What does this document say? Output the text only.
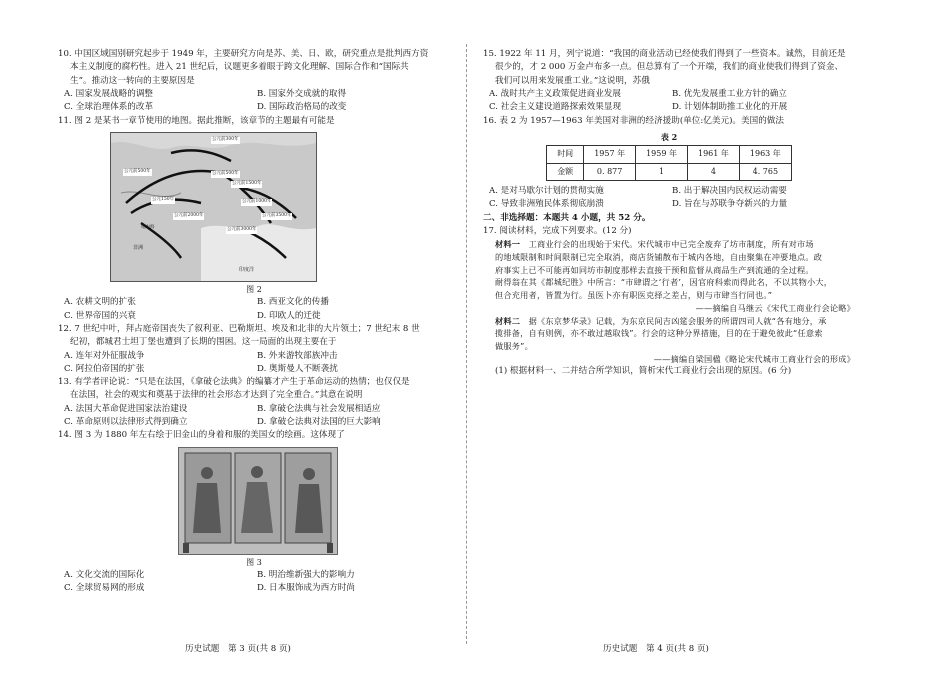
10. 中国区域国别研究起步于 1949 年，主要研究方向是苏、美、日、欧，研究重点是批判西方资

本主义制度的腐朽性。进入 21 世纪后，议题更多着眼于跨文化理解、国际合作和“国际共

生”。推动这一转向的主要原因是

A. 国家发展战略的调整	B. 国家外交成就的取得
C. 全球治理体系的改革	D. 国际政治格局的改变

11. 图 2 是某书一章节使用的地图。据此推断，该章节的主题最有可能是

公元前300年
公元前500年	公元前500年
公元前1500年
公元150年	公元前1000年
公元前2000年
公元前3000年
印度洋
非洲
地中海
公元前3500年

图 2

A. 农耕文明的扩张	B. 西亚文化的传播
C. 世界帝国的兴衰	D. 印欧人的迁徙

12. 7 世纪中叶，拜占庭帝国丧失了叙利亚、巴勒斯坦、埃及和北非的大片领土；7 世纪末 8 世

纪初，都城君士坦丁堡也遭到了长期的围困。这一局面的出现主要在于

A. 连年对外征服战争	B. 外来游牧部族冲击
C. 阿拉伯帝国的扩张	D. 奥斯曼人不断袭扰

13. 有学者评论说：“只是在法国，《拿破仑法典》的编纂才产生于革命运动的热情；也仅仅是

在法国，社会的观实和奠基于法律的社会形态才达到了完全重合。”其意在说明

A. 法国大革命促进国家法治建设	B. 拿破仑法典与社会发展相适应
C. 革命原则以法律形式得到确立	D. 拿破仑法典对法国的巨大影响

14. 图 3 为 1880 年左右绘于旧金山的身着和服的美国女的绘画。这体现了

图 3

A. 文化交流的国际化	B. 明治维新强大的影响力
C. 全球贸易网的形成	D. 日本服饰成为西方时尚

15. 1922 年 11 月，列宁说道：“我国的商业活动已经使我们得到了一些资本。诚然，目前还是

很少的，才 2 000 万金卢布多一点。但总算有了一个开端，我们的商业使我们得到了资金、

我们可以用来发展重工业。”这说明，苏俄

A. 战时共产主义政策促进商业发展	B. 优先发展重工业方针的确立
C. 社会主义建设道路探索效果显现	D. 计划体制助推工业化的开展

16. 表 2 为 1957—1963 年美国对非洲的经济援助(单位:亿美元)。美国的做法

表 2

时间	1957 年	1959 年	1961 年	1963 年
金额	0. 877	1	4	4. 765
A. 是对马歇尔计划的贯彻实施	B. 出于解决国内民权运动需要
C. 导致非洲殖民体系彻底崩溃	D. 旨在与苏联争夺新兴的力量

二、非选择题：本题共 4 小题，共 52 分。

17. 阅读材料，完成下列要求。(12 分)

材料一　 工商业行会的出现始于宋代。宋代城市中已完全废弃了坊市制度，所有对市场

的地域限制和时间限制已完全取消，商店货铺散布于城内各地，自由聚集在冲要地点。政

府事实上已不可能再如同坊市制度那样去直接干预和监督从商品生产到流通的全过程。

耐得翁在其《都城纪胜》中所言：“市肆谓之‘行者’，因官府科索而得此名，不以其物小大，

但合充用者，皆置为行。虽医卜亦有职医克择之差占，则与市肆当行同也。”

——摘编自马继云《宋代工商业行会论略》

材料二　 据《东京梦华录》记载，为东京民间吉凶筵会服务的所谓四司人就“各有地分，承

揽排备，自有则例，亦不敢过越取钱”。行会的这种分界措施，目的在于避免彼此“任意索

做服务”。

——摘编自梁国楹《略论宋代城市工商业行会的形成》

(1) 根据材料一、二并结合所学知识，简析宋代工商业行会出现的原因。(6 分)

历史试题　第 3 页(共 8 页)	历史试题　第 4 页(共 8 页)
